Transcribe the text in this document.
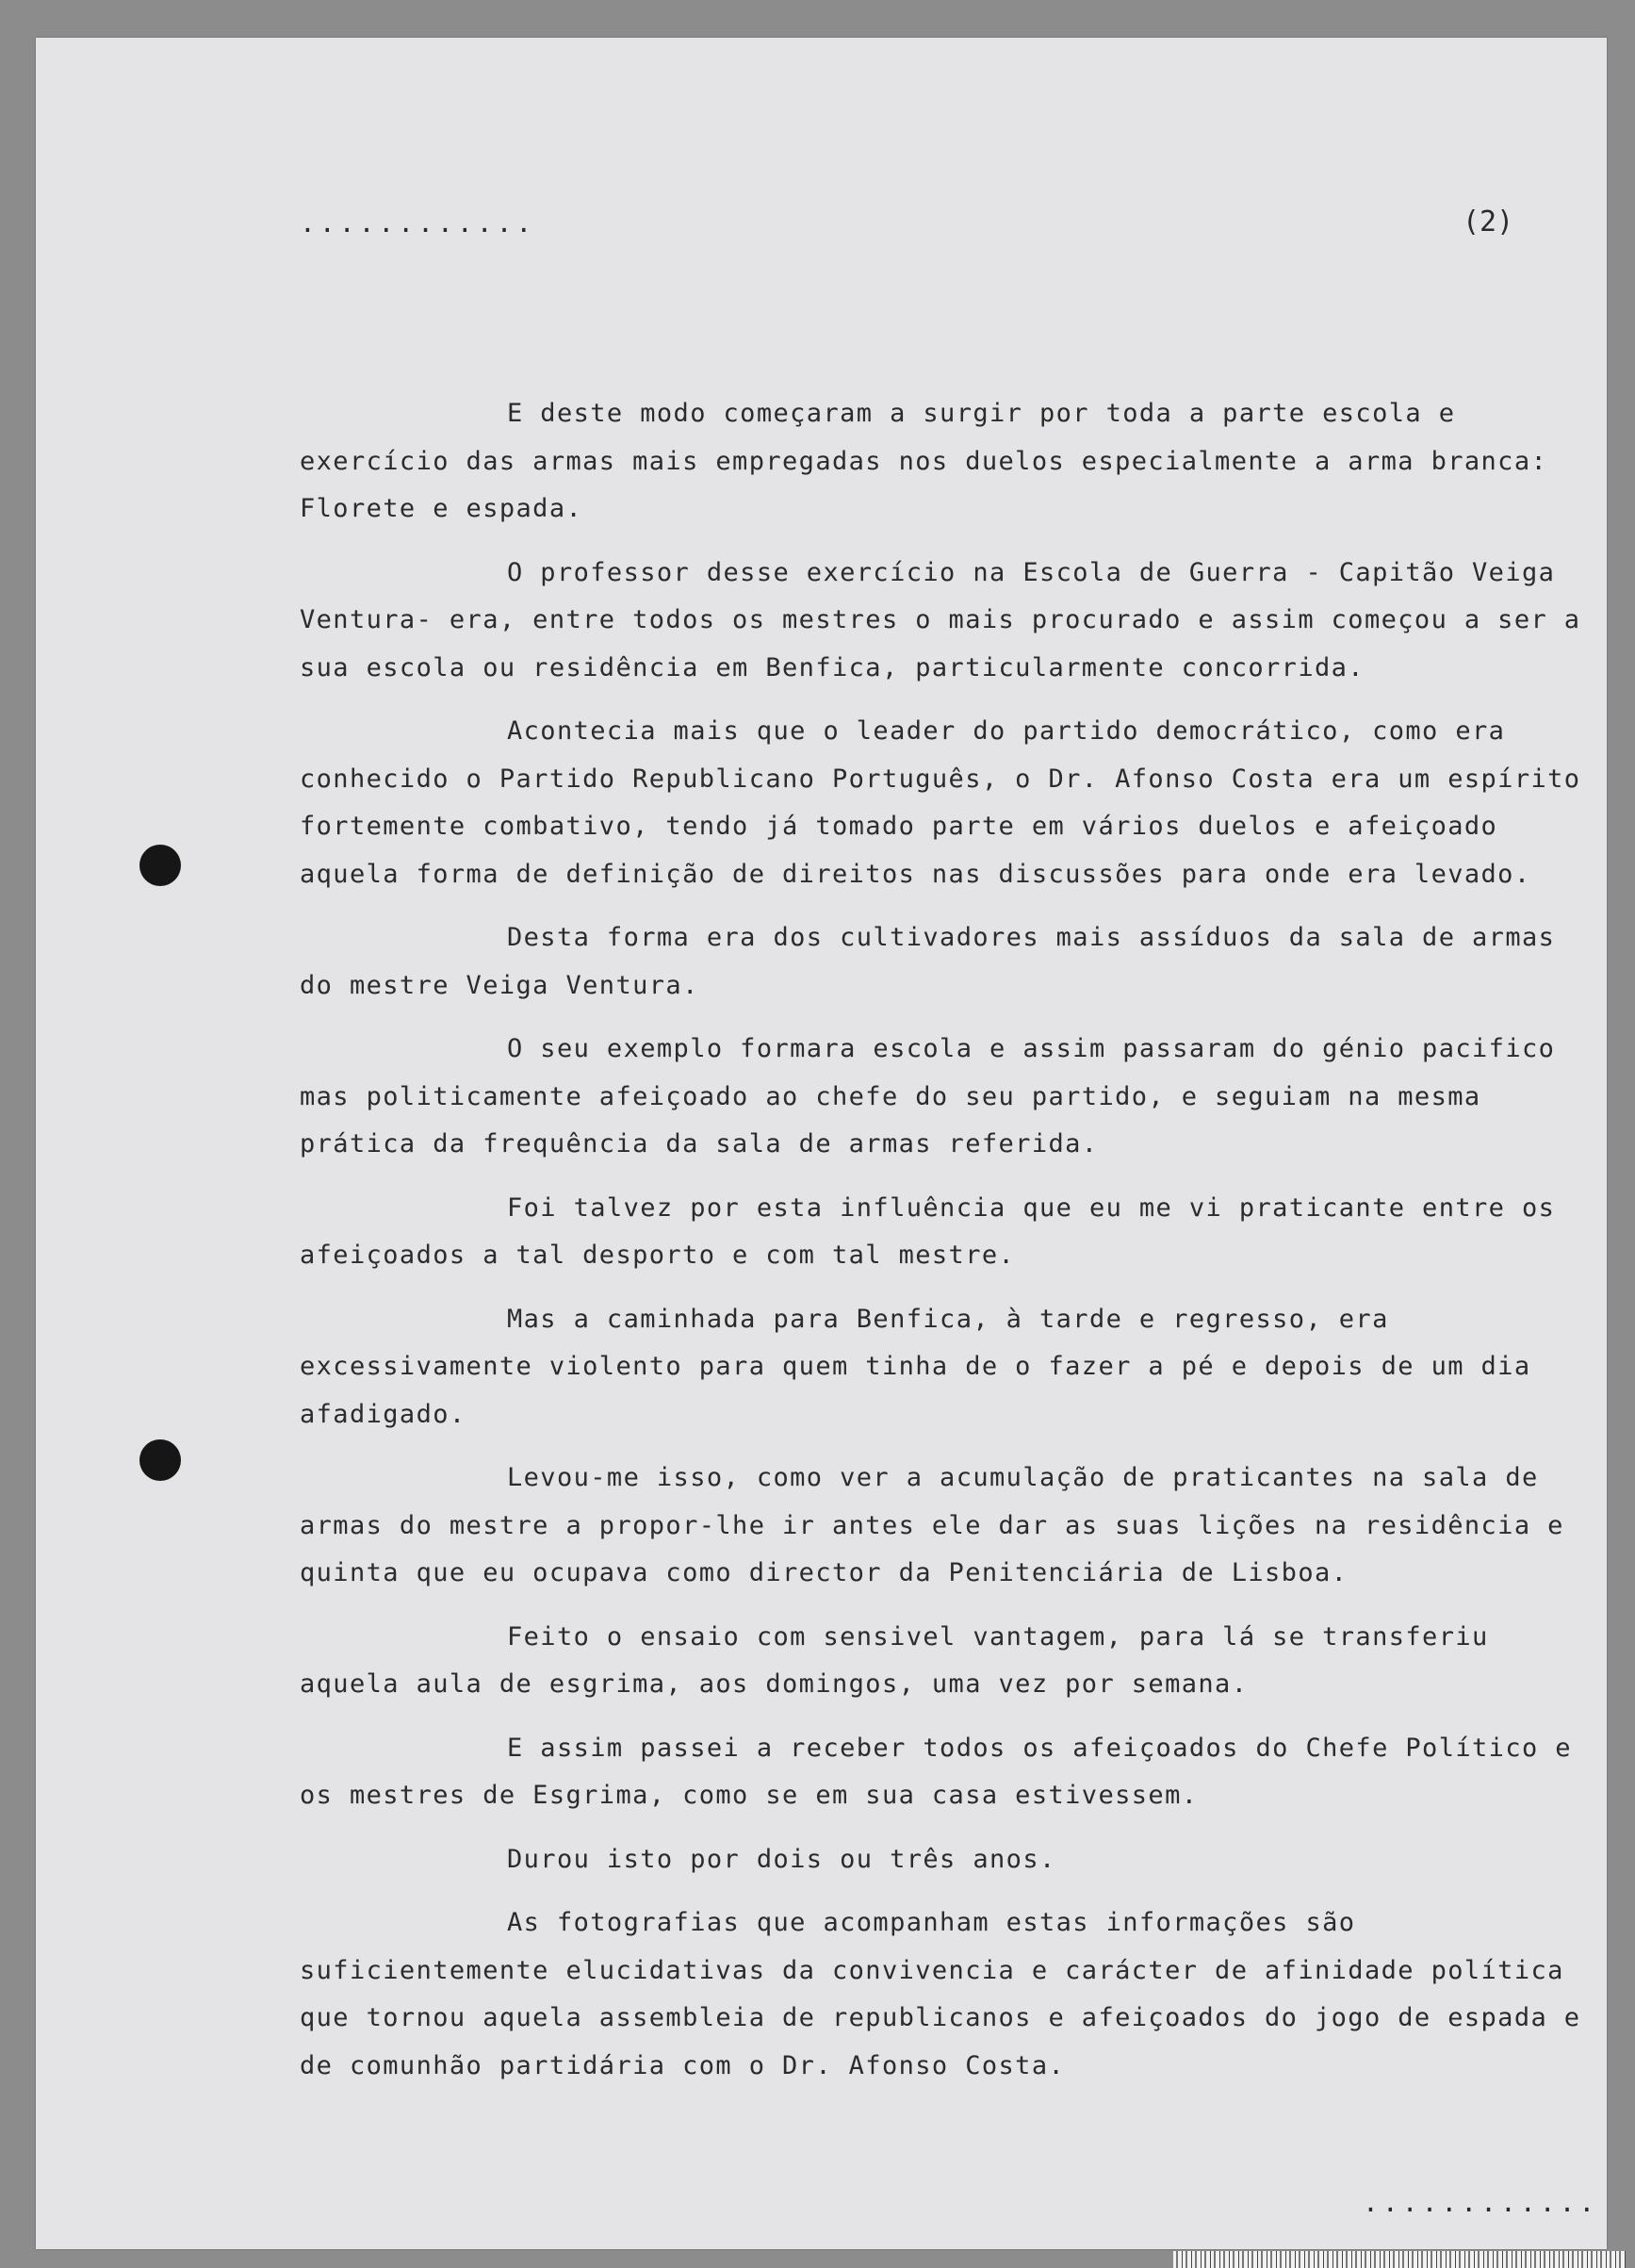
............	(2)

E deste modo começaram a surgir por toda a parte escola e exercício das armas mais empregadas nos duelos especialmente a arma branca: Florete e espada.

O professor desse exercício na Escola de Guerra - Capitão Veiga Ventura- era, entre todos os mestres o mais procurado e assim começou a ser a sua escola ou residência em Benfica, particularmente concorrida.

Acontecia mais que o leader do partido democrático, como era conhecido o Partido Republicano Português, o Dr. Afonso Costa era um espírito fortemente combativo, tendo já tomado parte em vários duelos e afeiçoado aquela forma de definição de direitos nas discussões para onde era levado.

Desta forma era dos cultivadores mais assíduos da sala de armas do mestre Veiga Ventura.

O seu exemplo formara escola e assim passaram do génio pacifico mas politicamente afeiçoado ao chefe do seu partido, e seguiam na mesma prática da frequência da sala de armas referida.

Foi talvez por esta influência que eu me vi praticante entre os afeiçoados a tal desporto e com tal mestre.

Mas a caminhada para Benfica, à tarde e regresso, era excessivamente violento para quem tinha de o fazer a pé e depois de um dia afadigado.

Levou-me isso, como ver a acumulação de praticantes na sala de armas do mestre a propor-lhe ir antes ele dar as suas lições na residência e quinta que eu ocupava como director da Penitenciária de Lisboa.

Feito o ensaio com sensivel vantagem, para lá se transferiu aquela aula de esgrima, aos domingos, uma vez por semana.

E assim passei a receber todos os afeiçoados do Chefe Político e os mestres de Esgrima, como se em sua casa estivessem.

Durou isto por dois ou três anos.

As fotografias que acompanham estas informações são suficientemente elucidativas da convivencia e carácter de afinidade política que tornou aquela assembleia de republicanos e afeiçoados do jogo de espada e de comunhão partidária com o Dr. Afonso Costa.

............
